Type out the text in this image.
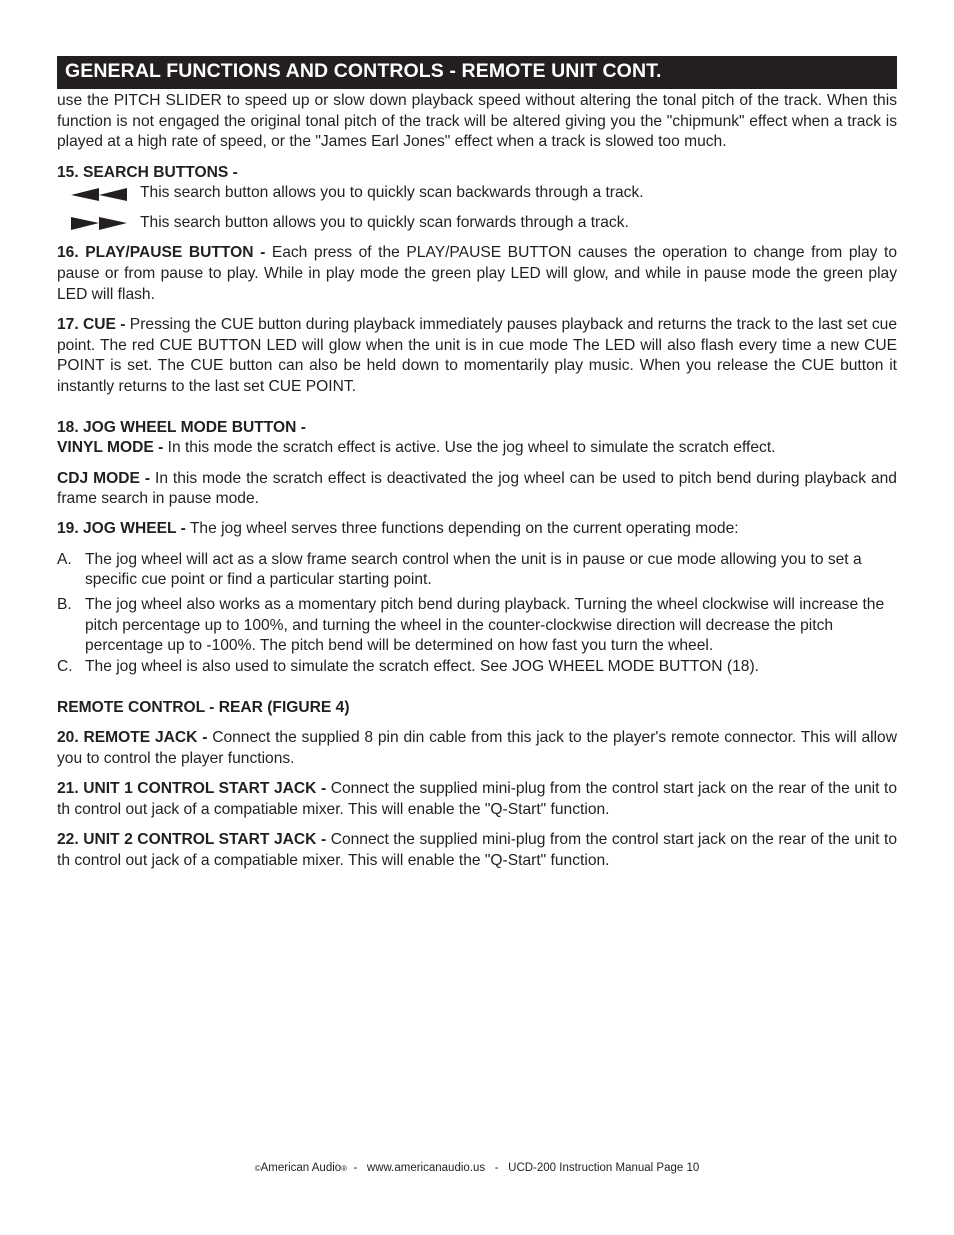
GENERAL FUNCTIONS AND CONTROLS - REMOTE UNIT CONT.

use the PITCH SLIDER to speed up or slow down playback speed without altering the tonal pitch of the track. When this function is not engaged the original tonal pitch of the track will be altered giving you the "chipmunk" effect when a track is played at a high rate of speed, or the "James Earl Jones" effect when a track is slowed too much.

15. SEARCH BUTTONS -

This search button allows you to quickly scan backwards through a track.
This search button allows you to quickly scan forwards through a track.

16. PLAY/PAUSE BUTTON - Each press of the PLAY/PAUSE BUTTON causes the operation to change from play to pause or from pause to play. While in play mode the green play LED will glow, and while in pause mode the green play LED will flash.

17. CUE - Pressing the CUE button during playback immediately pauses playback and returns the track to the last set cue point. The red CUE BUTTON LED will glow when the unit is in cue mode The LED will also flash every time a new CUE POINT is set. The CUE button can also be held down to momentarily play music. When you release the CUE button it instantly returns to the last set CUE POINT.

18. JOG WHEEL MODE BUTTON -

VINYL MODE - In this mode the scratch effect is active. Use the jog wheel to simulate the scratch effect.

CDJ MODE - In this mode the scratch effect is deactivated the jog wheel can be used to pitch bend during playback and frame search in pause mode.

19. JOG WHEEL - The jog wheel serves three functions depending on the current operating mode:

A. The jog wheel will act as a slow frame search control when the unit is in pause or cue mode allowing you to set a specific cue point or find a particular starting point.
B. The jog wheel also works as a momentary pitch bend during playback. Turning the wheel clockwise will increase the pitch percentage up to 100%, and turning the wheel in the counter-clockwise direction will decrease the pitch percentage up to -100%. The pitch bend will be determined on how fast you turn the wheel.
C. The jog wheel is also used to simulate the scratch effect. See JOG WHEEL MODE BUTTON (18).

REMOTE CONTROL - REAR (FIGURE 4)

20. REMOTE JACK - Connect the supplied 8 pin din cable from this jack to the player's remote connector. This will allow you to control the player functions.

21. UNIT 1 CONTROL START JACK - Connect the supplied mini-plug from the control start jack on the rear of the unit to th control out jack of a compatiable mixer. This will enable the "Q-Start" function.

22. UNIT 2 CONTROL START JACK - Connect the supplied mini-plug from the control start jack on the rear of the unit to th control out jack of a compatiable mixer. This will enable the "Q-Start" function.

©American Audio®  -   www.americanaudio.us   -   UCD-200 Instruction Manual Page 10
